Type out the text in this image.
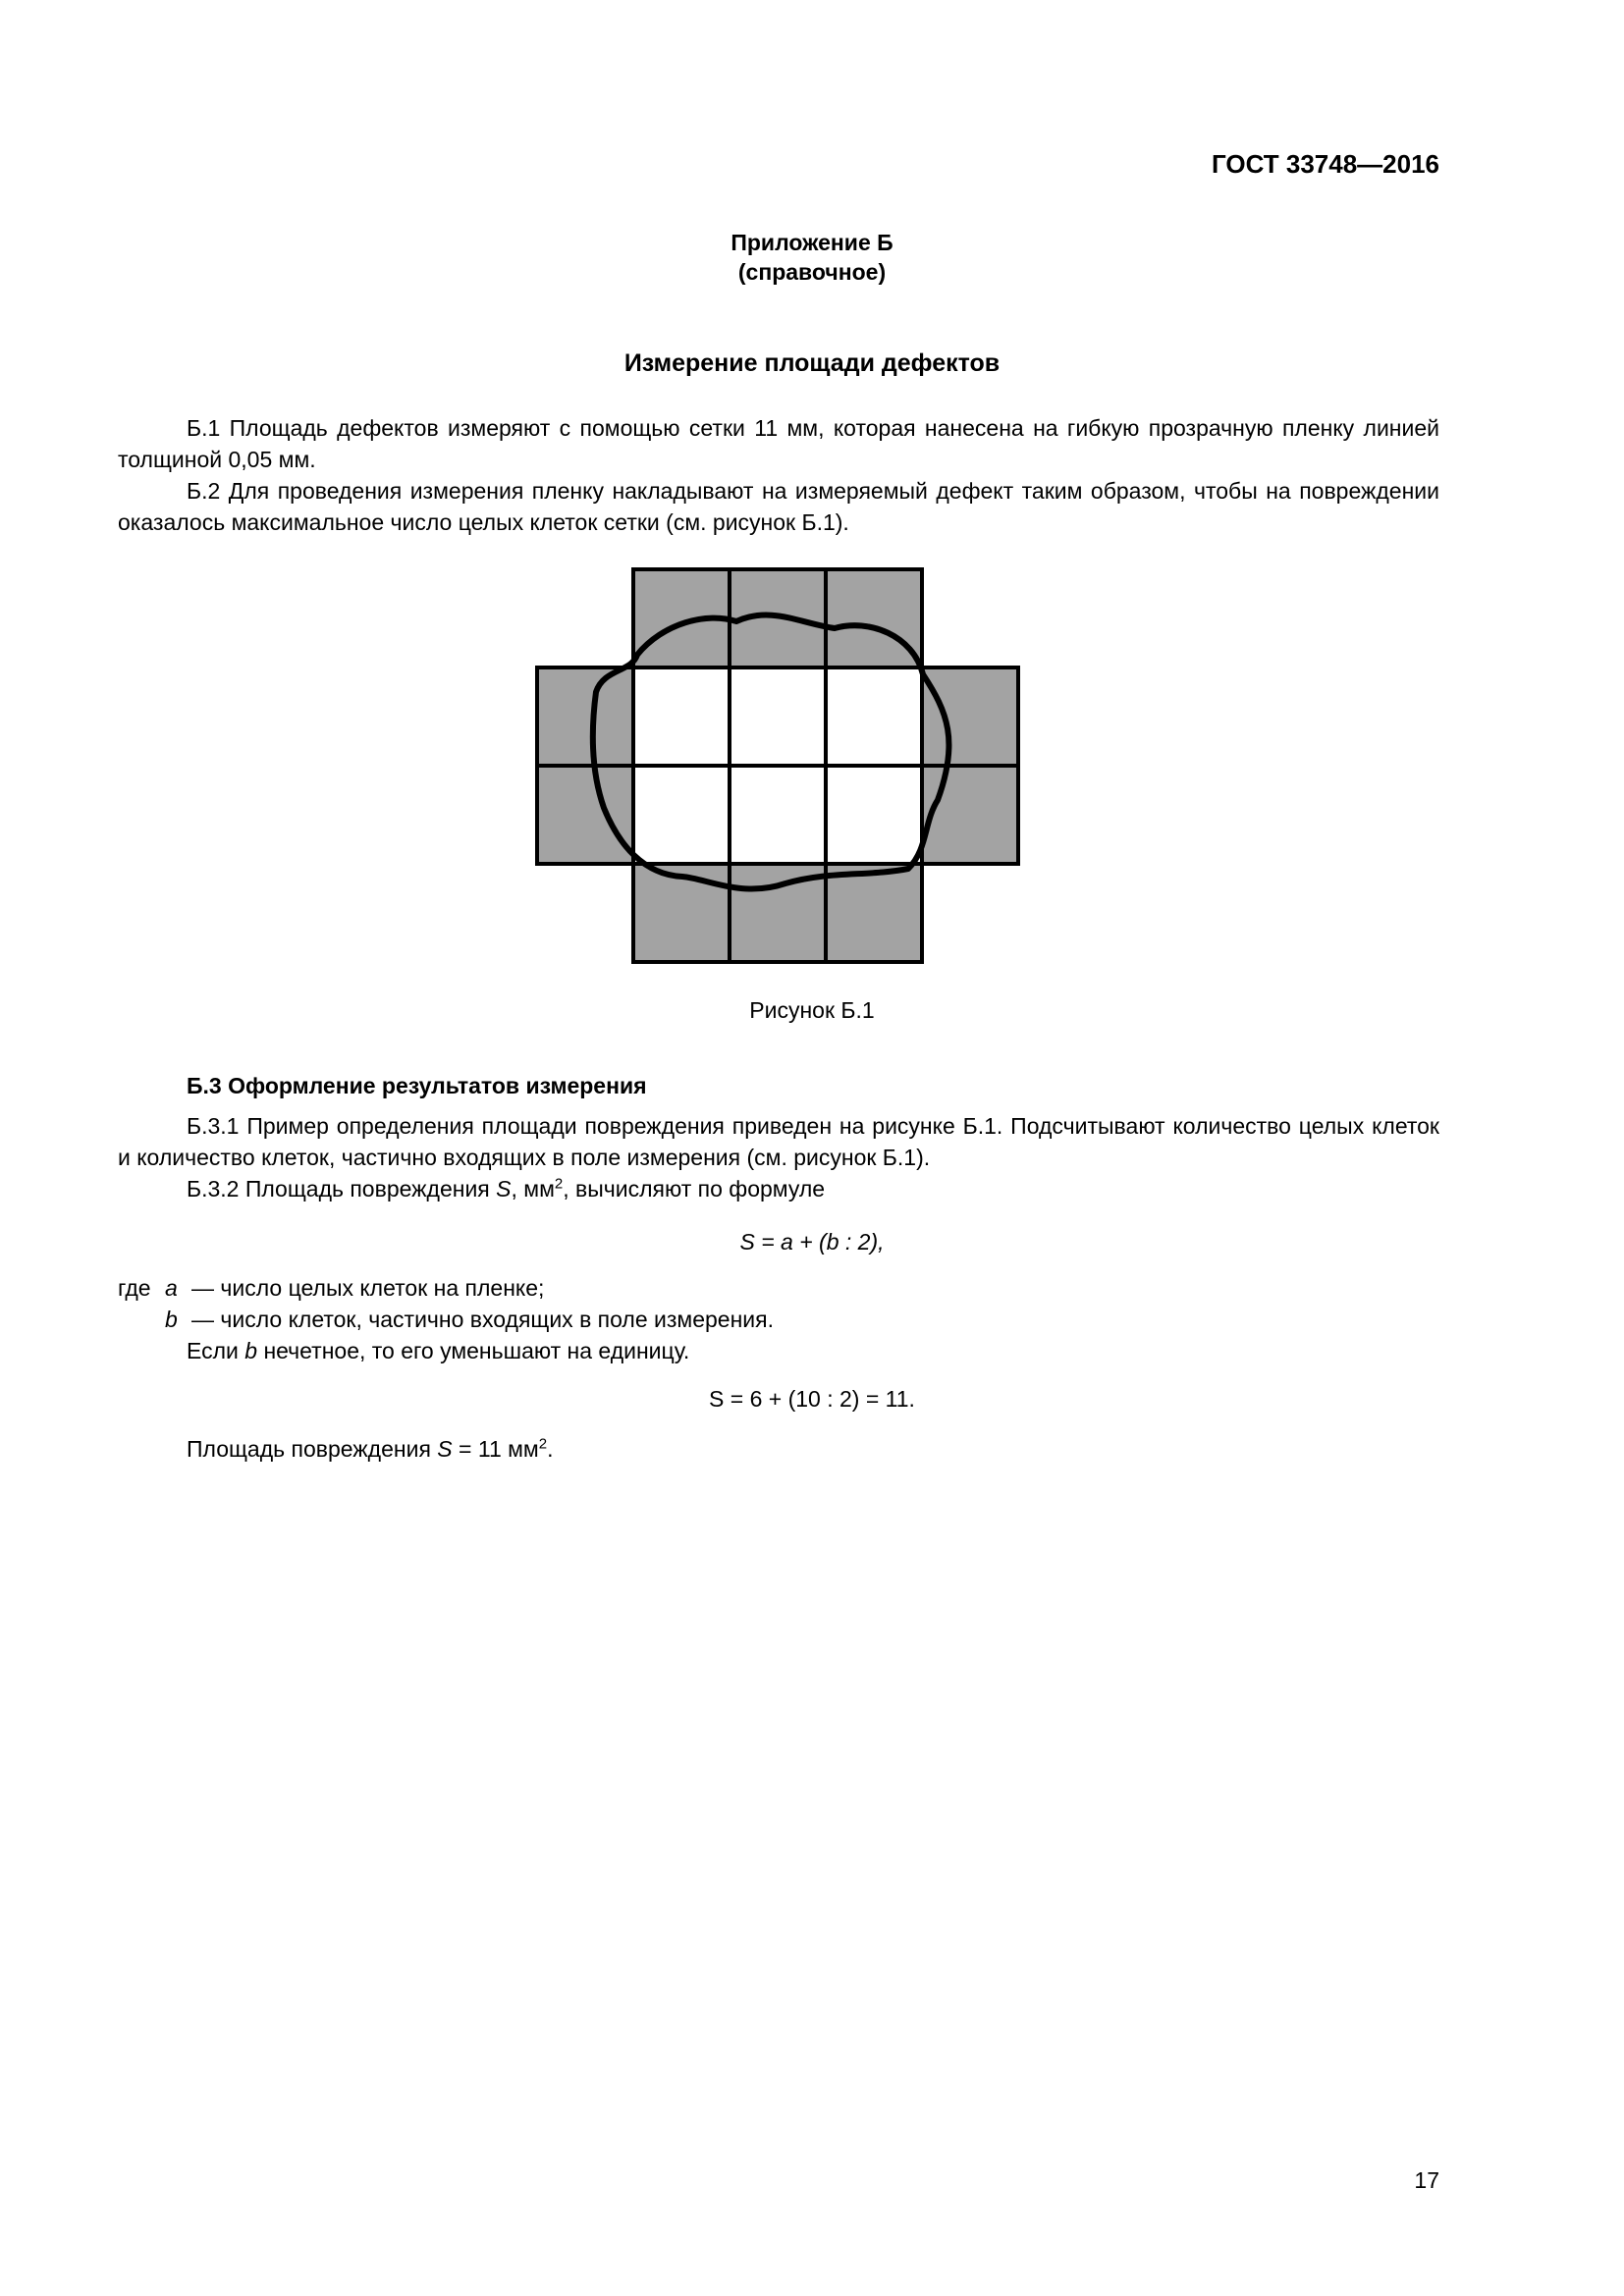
ГОСТ 33748—2016
Приложение Б
(справочное)
Измерение площади дефектов
Б.1 Площадь дефектов измеряют с помощью сетки 11 мм, которая нанесена на гибкую прозрачную пленку линией толщиной 0,05 мм.
Б.2 Для проведения измерения пленку накладывают на измеряемый дефект таким образом, чтобы на повреждении оказалось максимальное число целых клеток сетки (см. рисунок Б.1).
Рисунок Б.1
Б.3 Оформление результатов измерения
Б.3.1 Пример определения площади повреждения приведен на рисунке Б.1. Подсчитывают количество целых клеток и количество клеток, частично входящих в поле измерения (см. рисунок Б.1).
Б.3.2 Площадь повреждения S, $мм^2$, вычисляют по формуле
S = a + (b : 2),
где a — число целых клеток на пленке;
b — число клеток, частично входящих в поле измерения.
Если b нечетное, то его уменьшают на единицу.
S = 6 + (10 : 2) = 11.
Площадь повреждения S = 11 $мм^2$.
17
